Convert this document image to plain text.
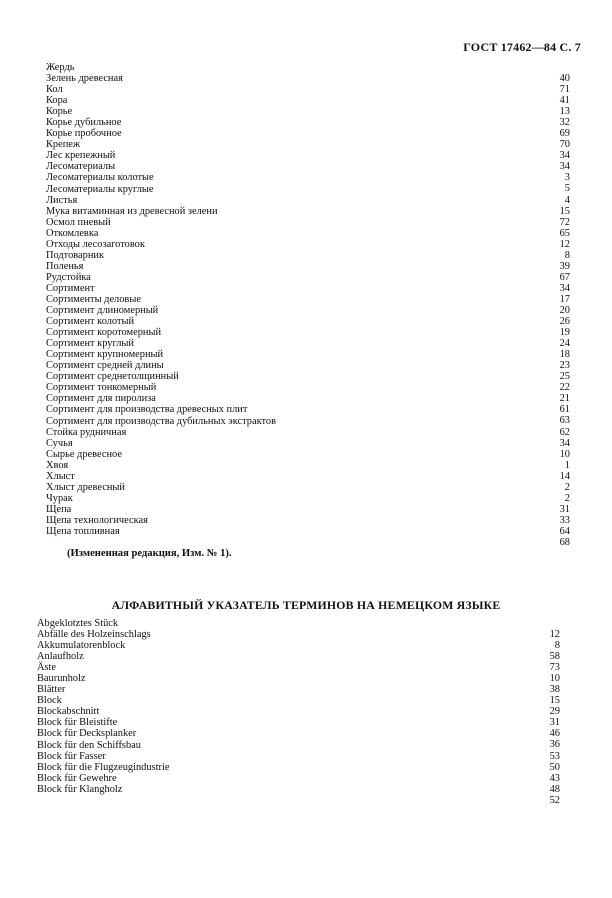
ГОСТ 17462—84 С. 7
Жердь
Зелень древесная
Кол
Кора
Корье
Корье дубильное
Корье пробочное
Крепеж
Лес крепежный
Лесоматериалы
Лесоматериалы колотые
Лесоматериалы круглые
Листья
Мука витаминная из древесной зелени
Осмол пневый
Откомлевка
Отходы лесозаготовок
Подтоварник
Поленья
Рудстойка
Сортимент
Сортименты деловые
Сортимент длиномерный
Сортимент колотый
Сортимент коротомерный
Сортимент круглый
Сортимент крупномерный
Сортимент средней длины
Сортимент среднетолщинный
Сортимент тонкомерный
Сортимент для пиролиза
Сортимент для производства древесных плит
Сортимент для производства дубильных экстрактов
Стойка рудничная
Сучья
Сырье древесное
Хвоя
Хлыст
Хлыст древесный
Чурак
Щепа
Щепа технологическая
Щепа топливная
40
71
41
13
32
69
70
34
34
3
5
4
15
72
65
12
8
39
67
34
17
20
26
19
24
18
23
25
22
21
61
63
62
34
10
1
14
2
2
31
33
64
68
(Измененная редакция, Изм. № 1).
АЛФАВИТНЫЙ УКАЗАТЕЛЬ ТЕРМИНОВ НА НЕМЕЦКОМ ЯЗЫКЕ
Abgeklotztes Stück
Abfälle des Holzeinschlags
Akkumulatorenblock
Anlaufholz
Äste
Baurunholz
Blätter
Block
Blockabschnitt
Block für Bleistifte
Block für Decksplanker
Block für den Schiffsbau
Block für Fasser
Block für die Flugzeugindustrie
Block für Gewehre
Block für Klangholz
12
8
58
73
10
38
15
29
31
46
36
53
50
43
48
52
